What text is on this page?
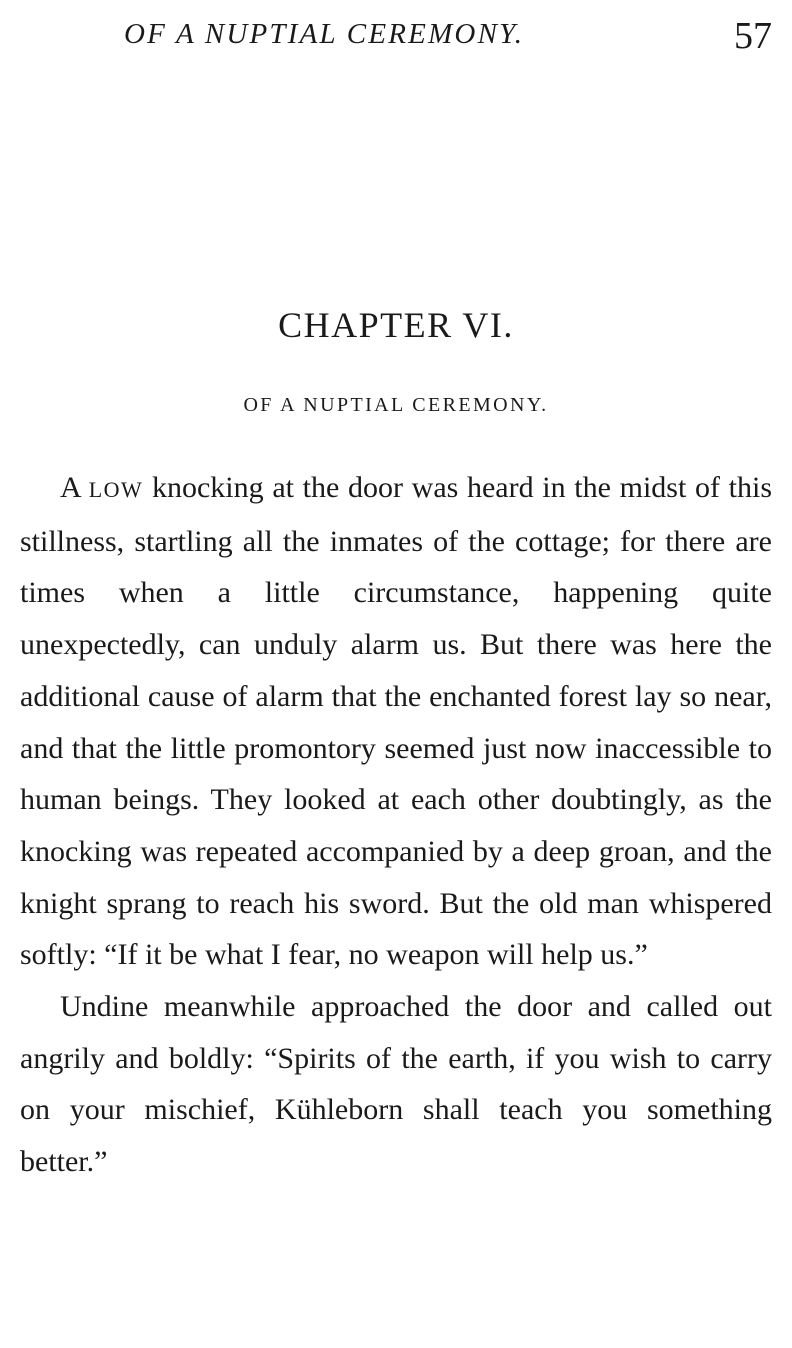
OF A NUPTIAL CEREMONY.	57
CHAPTER VI.
OF A NUPTIAL CEREMONY.

A LOW knocking at the door was heard in the midst of this stillness, startling all the inmates of the cottage; for there are times when a little circumstance, happening quite unexpectedly, can unduly alarm us. But there was here the additional cause of alarm that the enchanted forest lay so near, and that the little promontory seemed just now inaccessible to human beings. They looked at each other doubtingly, as the knocking was repeated accompanied by a deep groan, and the knight sprang to reach his sword. But the old man whispered softly: “If it be what I fear, no weapon will help us.”

Undine meanwhile approached the door and called out angrily and boldly: “Spirits of the earth, if you wish to carry on your mischief, Kühleborn shall teach you something better.”
